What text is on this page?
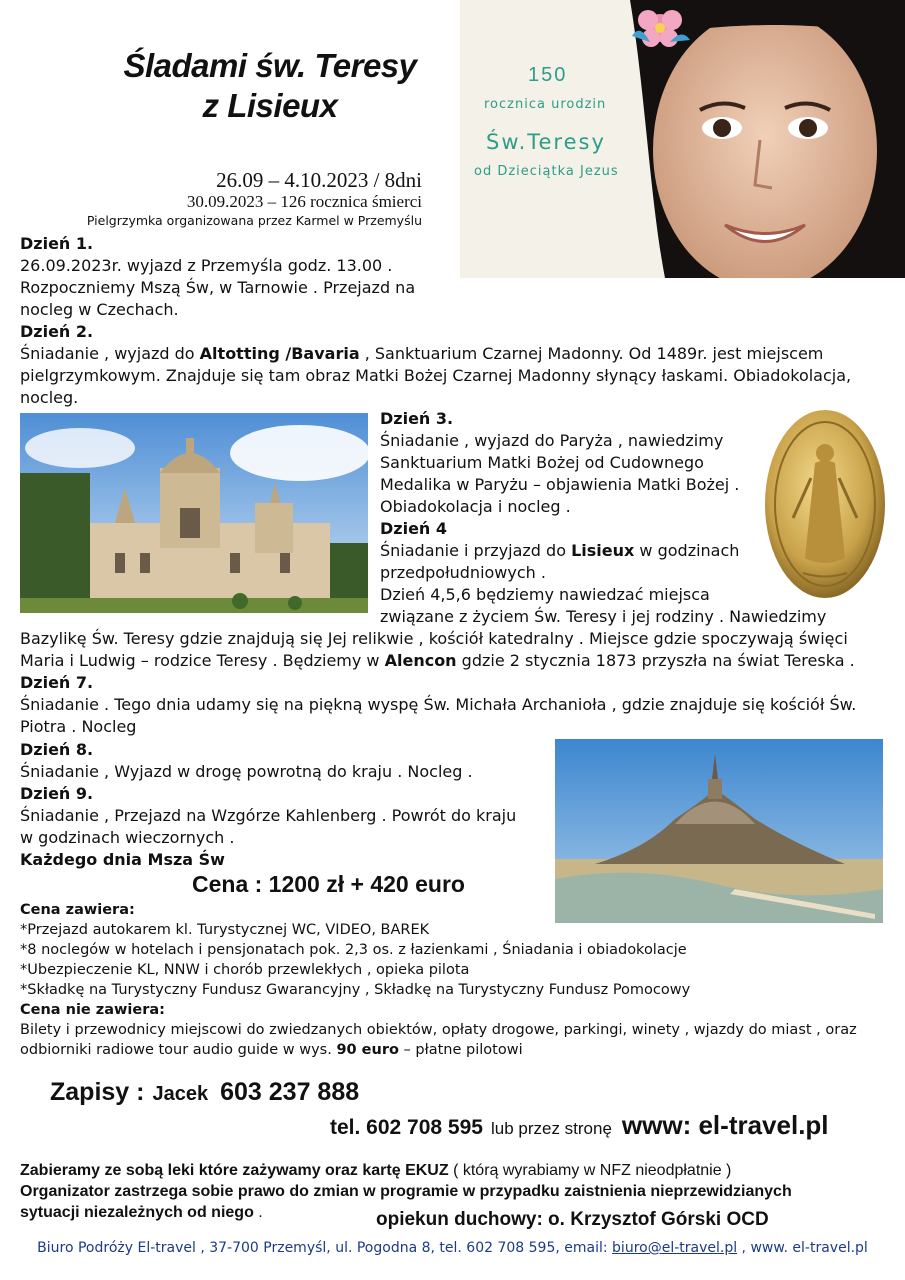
Śladami św. Teresy
z Lisieux
26.09 – 4.10.2023 / 8dni
30.09.2023 – 126 rocznica śmierci
Pielgrzymka organizowana przez Karmel w Przemyślu
150
rocznica urodzin
Św.Teresy
od Dzieciątka Jezus
Dzień 1.
26.09.2023r. wyjazd z Przemyśla godz. 13.00 .
Rozpoczniemy Mszą Św, w Tarnowie . Przejazd na
nocleg w Czechach.
Dzień 2.
Śniadanie , wyjazd do Altotting /Bavaria , Sanktuarium Czarnej Madonny. Od 1489r. jest miejscem
pielgrzymkowym. Znajduje się tam obraz Matki Bożej Czarnej Madonny słynący łaskami. Obiadokolacja,
nocleg.
Dzień 3.
Śniadanie , wyjazd do Paryża , nawiedzimy
Sanktuarium Matki Bożej od Cudownego
Medalika w Paryżu – objawienia Matki Bożej .
Obiadokolacja i nocleg .
Dzień 4
Śniadanie i przyjazd do Lisieux w godzinach
przedpołudniowych .
Dzień 4,5,6 będziemy nawiedzać miejsca
związane z życiem Św. Teresy i jej rodziny . Nawiedzimy
Bazylikę Św. Teresy gdzie znajdują się Jej relikwie , kościół katedralny . Miejsce gdzie spoczywają święci
Maria i Ludwig – rodzice Teresy . Będziemy w Alencon gdzie 2 stycznia 1873 przyszła na świat Tereska .
Dzień 7.
Śniadanie . Tego dnia udamy się na piękną wyspę Św. Michała Archanioła , gdzie znajduje się kościół Św.
Piotra . Nocleg
Dzień 8.
Śniadanie , Wyjazd w drogę powrotną do kraju . Nocleg .
Dzień 9.
Śniadanie , Przejazd na Wzgórze Kahlenberg . Powrót do kraju
w godzinach wieczornych .
Każdego dnia Msza Św
Cena : 1200 zł + 420 euro
Cena zawiera:
*Przejazd autokarem kl. Turystycznej WC, VIDEO, BAREK
*8 noclegów w hotelach i pensjonatach pok. 2,3 os. z łazienkami , Śniadania i obiadokolacje
*Ubezpieczenie KL, NNW i chorób przewlekłych , opieka pilota
*Składkę na Turystyczny Fundusz Gwarancyjny , Składkę na Turystyczny Fundusz Pomocowy
Cena nie zawiera:
Bilety i przewodnicy miejscowi do zwiedzanych obiektów, opłaty drogowe, parkingi, winety , wjazdy do miast , oraz
odbiorniki radiowe tour audio guide w wys. 90 euro – płatne pilotowi
Zapisy : Jacek 603 237 888
tel. 602 708 595 lub przez stronę www: el-travel.pl
Zabieramy ze sobą leki które zażywamy oraz kartę EKUZ ( którą wyrabiamy w NFZ nieodpłatnie )
Organizator zastrzega sobie prawo do zmian w programie w przypadku zaistnienia nieprzewidzianych
sytuacji niezależnych od niego .	opiekun duchowy: o. Krzysztof Górski OCD
Biuro Podróży El-travel , 37-700 Przemyśl, ul. Pogodna 8, tel. 602 708 595, email: biuro@el-travel.pl , www. el-travel.pl
